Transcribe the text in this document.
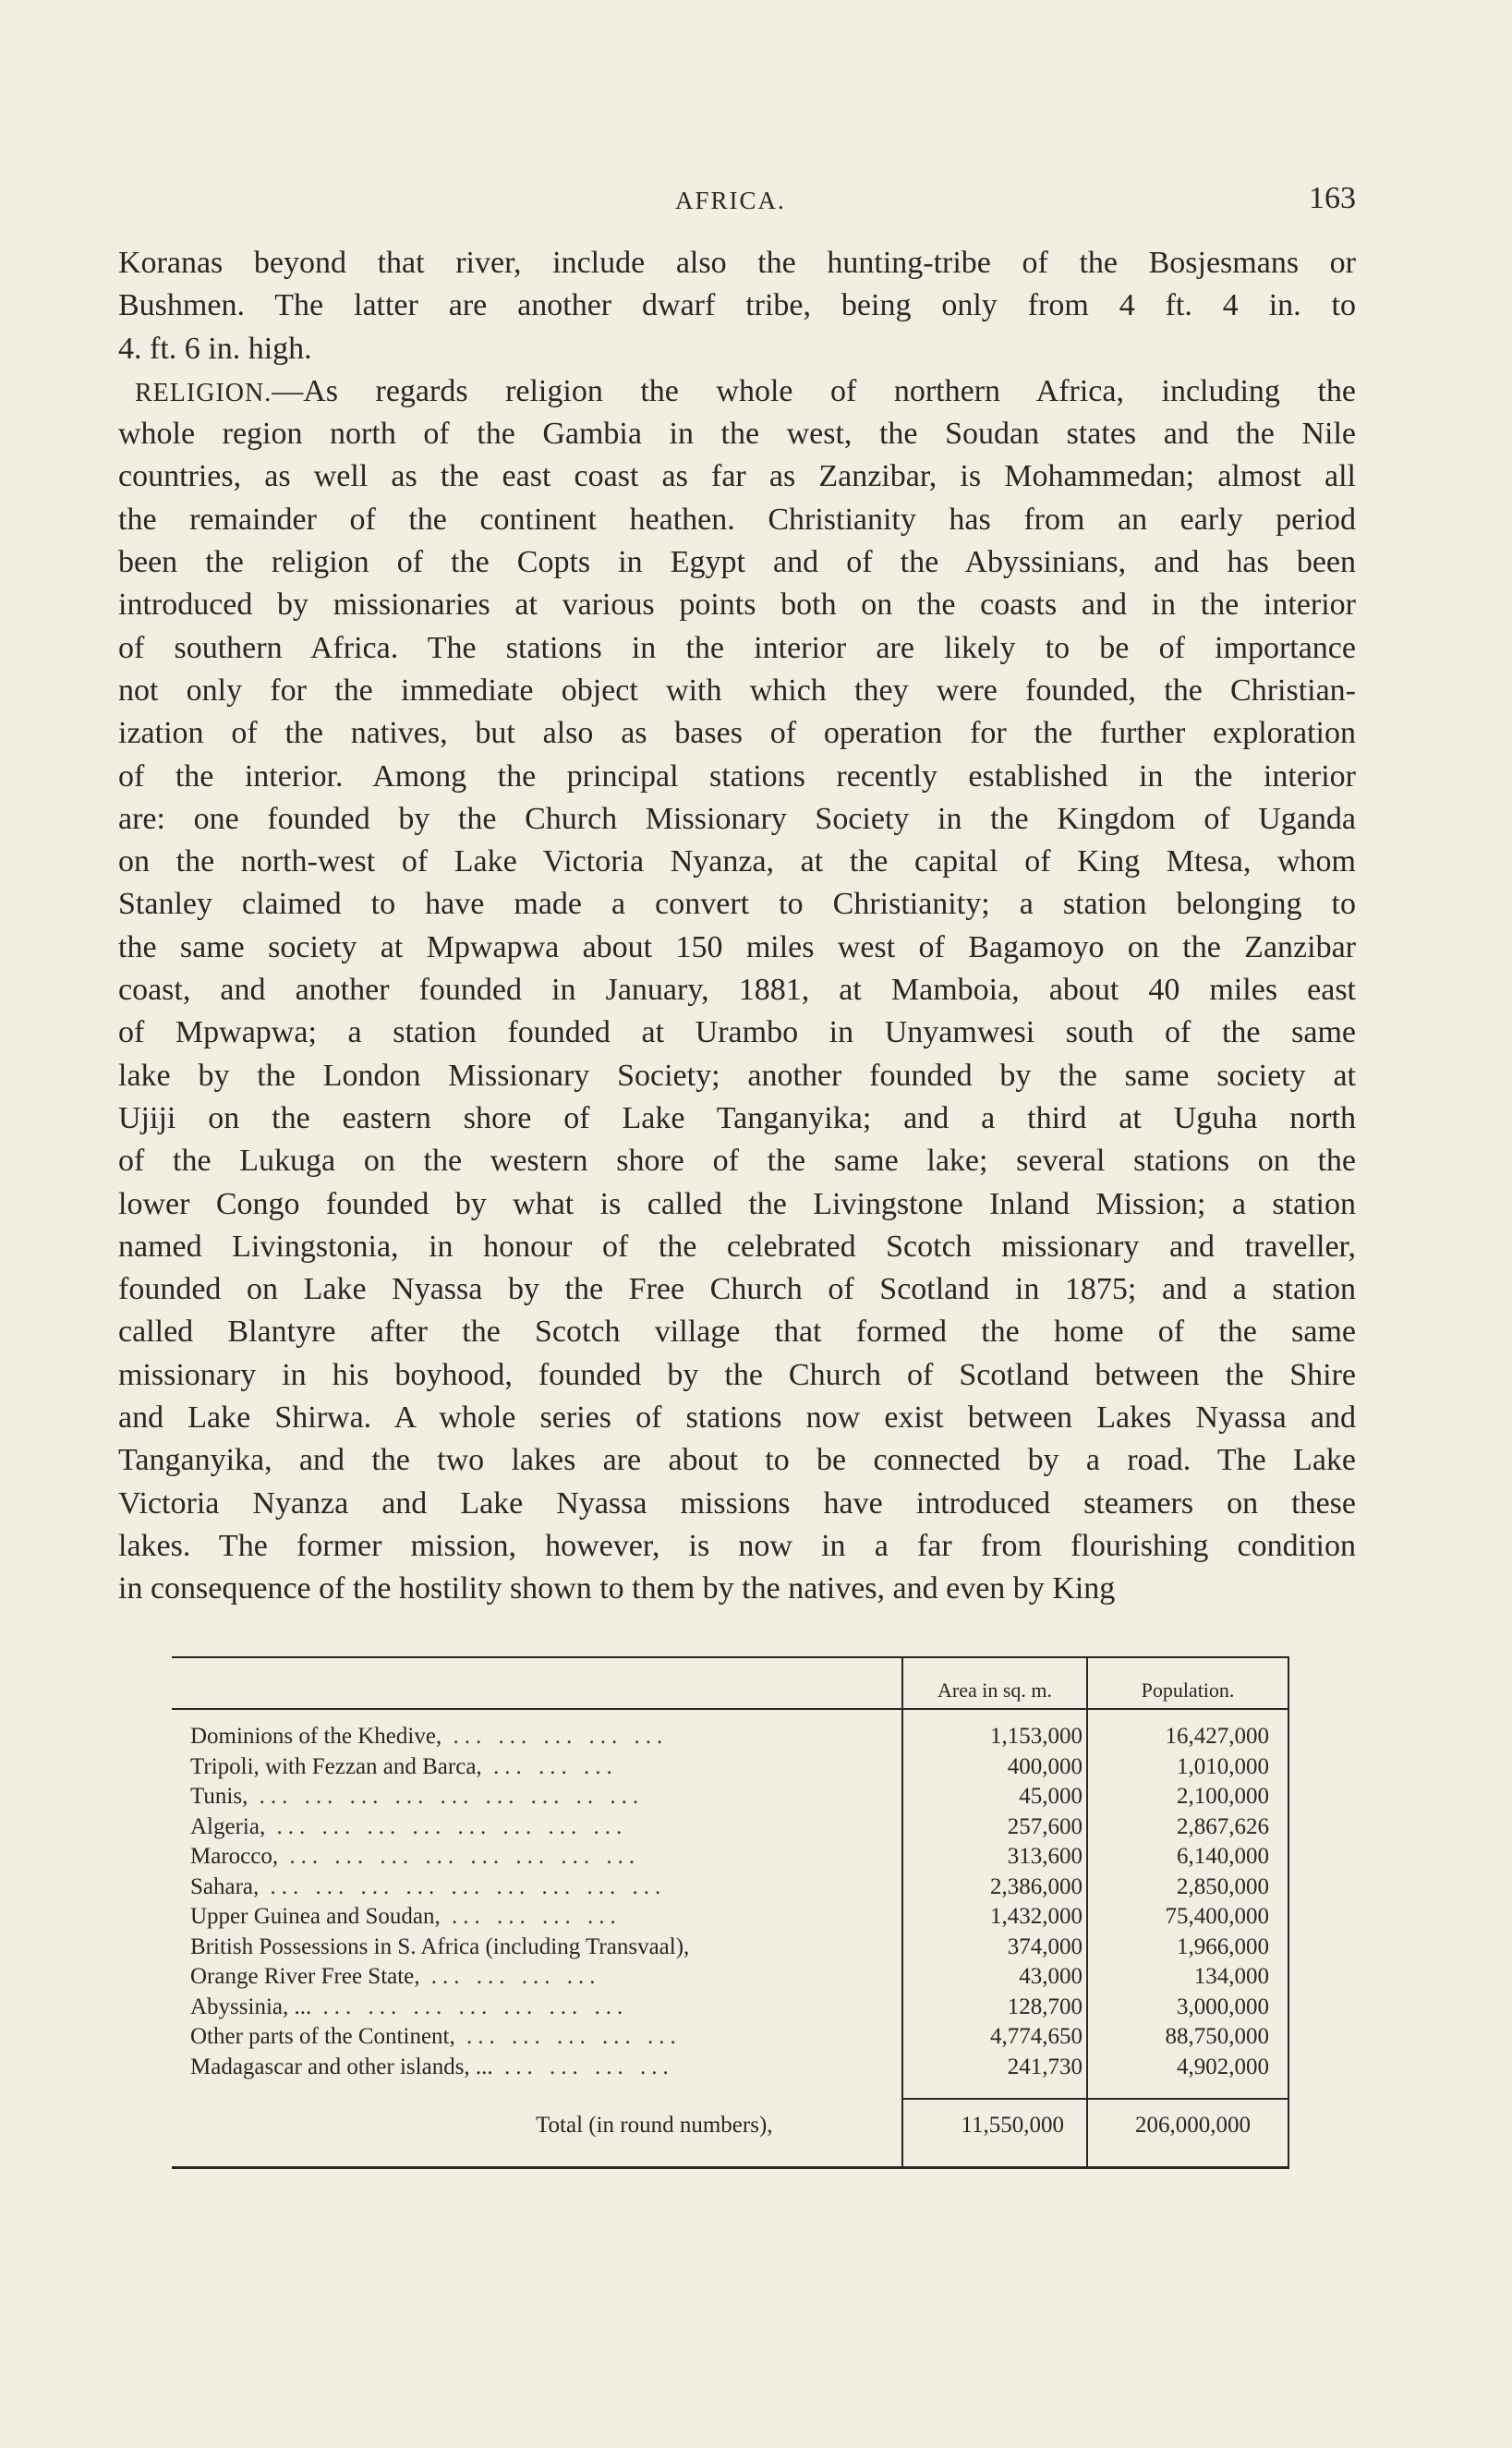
AFRICA.	163
Koranas beyond that river, include also the hunting-tribe of the Bosjesmans or
Bushmen. The latter are another dwarf tribe, being only from 4 ft. 4 in. to
4. ft. 6 in. high.
RELIGION.—As regards religion the whole of northern Africa, including the
whole region north of the Gambia in the west, the Soudan states and the Nile
countries, as well as the east coast as far as Zanzibar, is Mohammedan; almost all
the remainder of the continent heathen. Christianity has from an early period
been the religion of the Copts in Egypt and of the Abyssinians, and has been
introduced by missionaries at various points both on the coasts and in the interior
of southern Africa. The stations in the interior are likely to be of importance
not only for the immediate object with which they were founded, the Christian-
ization of the natives, but also as bases of operation for the further exploration
of the interior. Among the principal stations recently established in the interior
are: one founded by the Church Missionary Society in the Kingdom of Uganda
on the north-west of Lake Victoria Nyanza, at the capital of King Mtesa, whom
Stanley claimed to have made a convert to Christianity; a station belonging to
the same society at Mpwapwa about 150 miles west of Bagamoyo on the Zanzibar
coast, and another founded in January, 1881, at Mamboia, about 40 miles east
of Mpwapwa; a station founded at Urambo in Unyamwesi south of the same
lake by the London Missionary Society; another founded by the same society at
Ujiji on the eastern shore of Lake Tanganyika; and a third at Uguha north
of the Lukuga on the western shore of the same lake; several stations on the
lower Congo founded by what is called the Livingstone Inland Mission; a station
named Livingstonia, in honour of the celebrated Scotch missionary and traveller,
founded on Lake Nyassa by the Free Church of Scotland in 1875; and a station
called Blantyre after the Scotch village that formed the home of the same
missionary in his boyhood, founded by the Church of Scotland between the Shire
and Lake Shirwa. A whole series of stations now exist between Lakes Nyassa and
Tanganyika, and the two lakes are about to be connected by a road. The Lake
Victoria Nyanza and Lake Nyassa missions have introduced steamers on these
lakes. The former mission, however, is now in a far from flourishing condition
in consequence of the hostility shown to them by the natives, and even by King
Area in sq. m.	Population.
Dominions of the Khedive, ... ... ... ... ...	1,153,000	16,427,000
Tripoli, with Fezzan and Barca, ... ... ...	400,000	1,010,000
Tunis, ... ... ... ... ... ... ... .. ...	45,000	2,100,000
Algeria, ... ... ... ... ... ... ... ...	257,600	2,867,626
Marocco, ... ... ... ... ... ... ... ...	313,600	6,140,000
Sahara, ... ... ... ... ... ... ... ... ...	2,386,000	2,850,000
Upper Guinea and Soudan, ... ... ... ...	1,432,000	75,400,000
British Possessions in S. Africa (including Transvaal),	374,000	1,966,000
Orange River Free State, ... ... ... ...	43,000	134,000
Abyssinia, ... ... ... ... ... ... ... ...	128,700	3,000,000
Other parts of the Continent, ... ... ... ... ...	4,774,650	88,750,000
Madagascar and other islands, ... ... ... ... ...	241,730	4,902,000
Total (in round numbers),	11,550,000	206,000,000
